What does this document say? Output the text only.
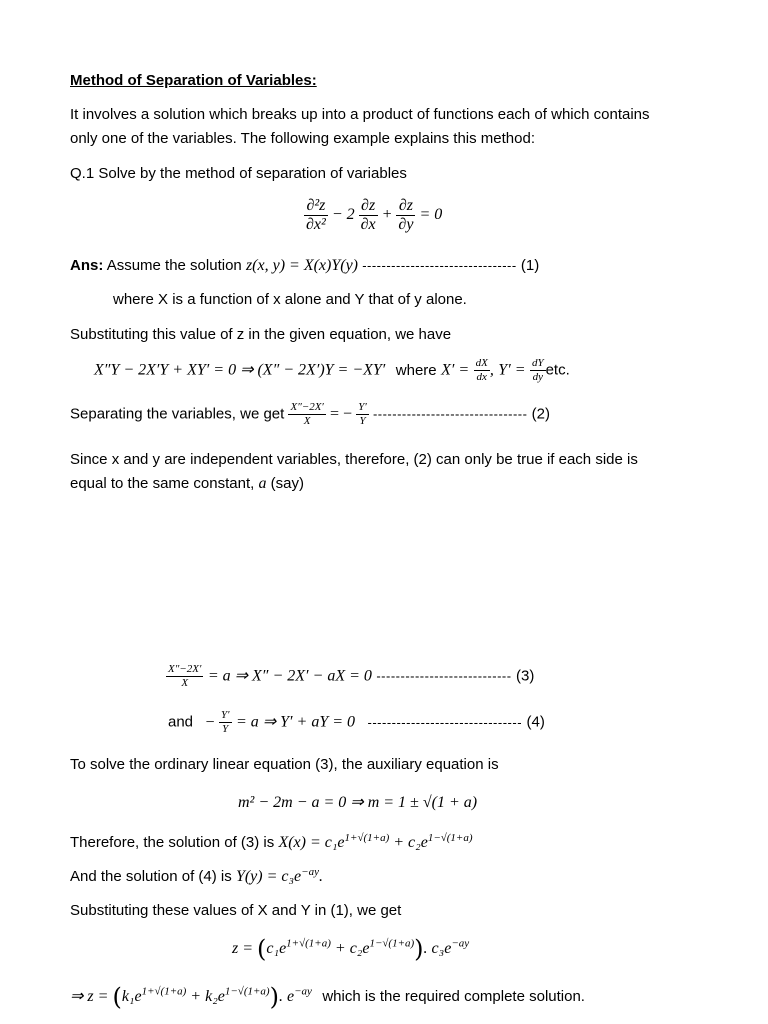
Method of Separation of Variables:
It involves a solution which breaks up into a product of functions each of which contains
only one of the variables. The following example explains this method:
Q.1 Solve by the method of separation of variables
$\frac{\text{∂²z}}{\text{∂x²}} - 2 \frac{\partial z}{\partial x} + \frac{\partial z}{\partial y} = 0$
Ans: Assume the solution z(x, y) = X(x)Y(y) -------------------------------- (1)
where X is a function of x alone and Y that of y alone.
Substituting this value of z in the given equation, we have
X″Y − 2X′Y + XY′ = 0 ⇒ (X″ − 2X′)Y = −XY′ where $X' = \frac{dX}{dx}$ , $Y' = \frac{dY}{dy}$ etc.
Separating the variables, we get $\frac{X''-2X'}{X}$ = − $\frac{Y'}{Y}$ -------------------------------- (2)
Since x and y are independent variables, therefore, (2) can only be true if each side is
equal to the same constant, a (say)
$\frac{X''-2X'}{X} = a$ ⇒ X″ − 2X′ − aX = 0 ---------------------------- (3)
and − $\frac{Y'}{Y} = a$ ⇒ Y′ + aY = 0 -------------------------------- (4)
To solve the ordinary linear equation (3), the auxiliary equation is
m² − 2m − a = 0 ⇒ m = 1 ± √(1 + a)
Therefore, the solution of (3) is $X(x) = c_1e^{1+√(1+a)} + c_2e^{1-√(1+a)}$
And the solution of (4) is $Y(y) = c_3e^{-ay}$.
Substituting these values of X and Y in (1), we get
$z = (c_1e^{1+√(1+a)} + c_2e^{1-√(1+a)})$. $c_3e^{-ay}$
⇒ $z = (k_1e^{1+√(1+a)} + k_2e^{1-√(1+a)})$. $e^{-ay}$ which is the required complete solution.
